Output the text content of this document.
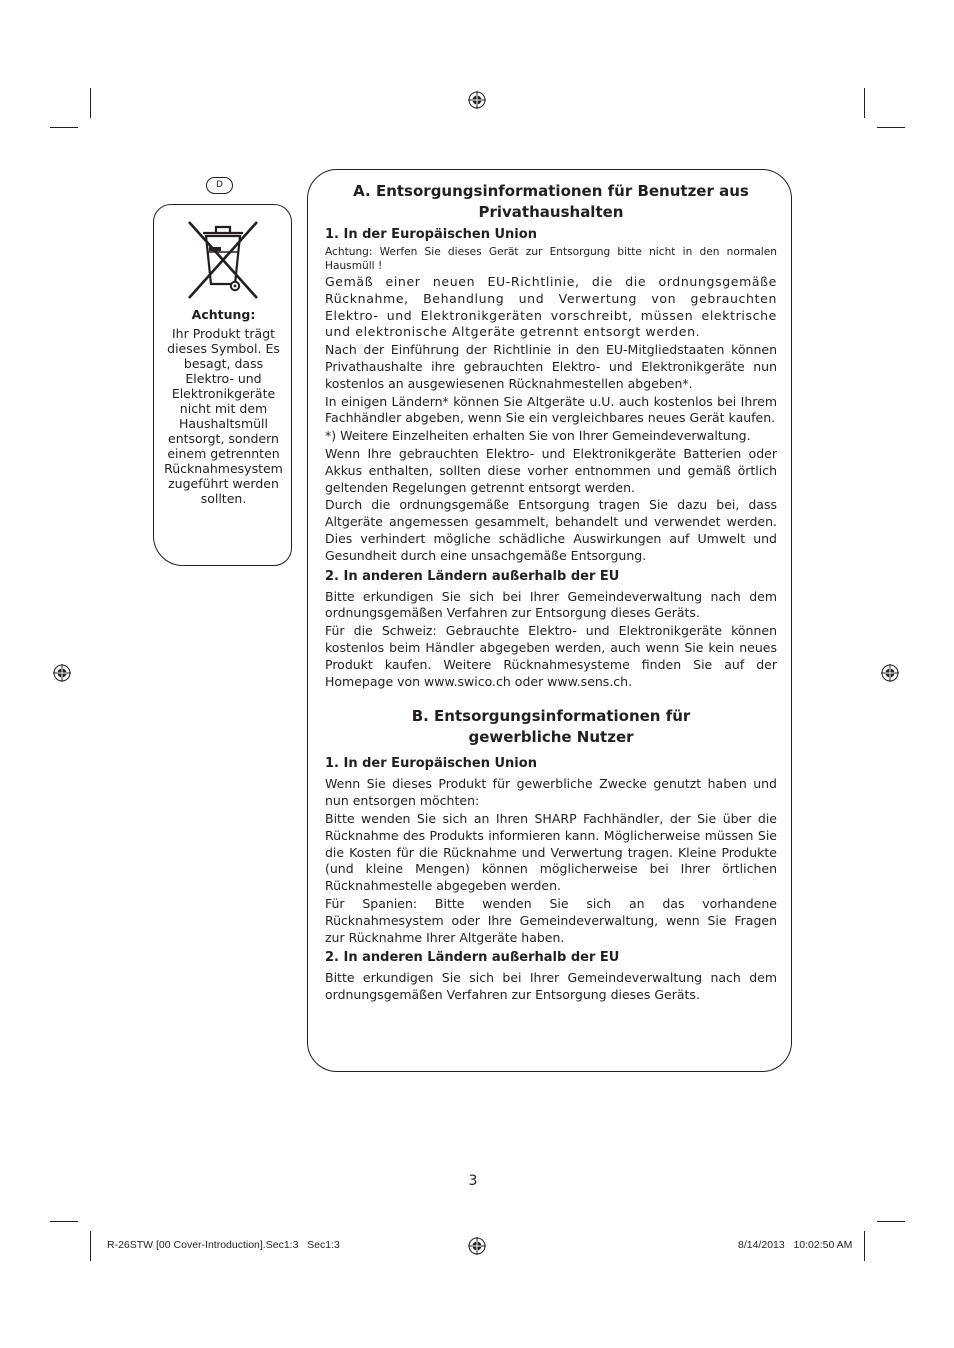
D
Achtung:
Ihr Produkt trägt dieses Symbol. Es besagt, dass Elektro- und Elektronikgeräte nicht mit dem Haushaltsmüll entsorgt, sondern einem getrennten Rücknahmesystem zugeführt werden sollten.
A. Entsorgungsinformationen für Benutzer aus Privathaushalten
1. In der Europäischen Union
Achtung: Werfen Sie dieses Gerät zur Entsorgung bitte nicht in den normalen Hausmüll !

Gemäß einer neuen EU-Richtlinie, die die ordnungsgemäße Rücknahme, Behandlung und Verwertung von gebrauchten Elektro- und Elektronikgeräten vorschreibt, müssen elektrische und elektronische Altgeräte getrennt entsorgt werden.

Nach der Einführung der Richtlinie in den EU-Mitgliedstaaten können Privathaushalte ihre gebrauchten Elektro- und Elektronikgeräte nun kostenlos an ausgewiesenen Rücknahmestellen abgeben*.

In einigen Ländern* können Sie Altgeräte u.U. auch kostenlos bei Ihrem Fachhändler abgeben, wenn Sie ein vergleichbares neues Gerät kaufen.

*) Weitere Einzelheiten erhalten Sie von Ihrer Gemeindeverwaltung.

Wenn Ihre gebrauchten Elektro- und Elektronikgeräte Batterien oder Akkus enthalten, sollten diese vorher entnommen und gemäß örtlich geltenden Regelungen getrennt entsorgt werden.

Durch die ordnungsgemäße Entsorgung tragen Sie dazu bei, dass Altgeräte angemessen gesammelt, behandelt und verwendet werden. Dies verhindert mögliche schädliche Auswirkungen auf Umwelt und Gesundheit durch eine unsachgemäße Entsorgung.

2. In anderen Ländern außerhalb der EU

Bitte erkundigen Sie sich bei Ihrer Gemeindeverwaltung nach dem ordnungsgemäßen Verfahren zur Entsorgung dieses Geräts.

Für die Schweiz: Gebrauchte Elektro- und Elektronikgeräte können kostenlos beim Händler abgegeben werden, auch wenn Sie kein neues Produkt kaufen. Weitere Rücknahmesysteme finden Sie auf der Homepage von www.swico.ch oder www.sens.ch.

B. Entsorgungsinformationen für gewerbliche Nutzer
1. In der Europäischen Union

Wenn Sie dieses Produkt für gewerbliche Zwecke genutzt haben und nun entsorgen möchten:

Bitte wenden Sie sich an Ihren SHARP Fachhändler, der Sie über die Rücknahme des Produkts informieren kann. Möglicherweise müssen Sie die Kosten für die Rücknahme und Verwertung tragen. Kleine Produkte (und kleine Mengen) können möglicherweise bei Ihrer örtlichen Rücknahmestelle abgegeben werden.

Für Spanien: Bitte wenden Sie sich an das vorhandene Rücknahmesystem oder Ihre Gemeindeverwaltung, wenn Sie Fragen zur Rücknahme Ihrer Altgeräte haben.

2. In anderen Ländern außerhalb der EU

Bitte erkundigen Sie sich bei Ihrer Gemeindeverwaltung nach dem ordnungsgemäßen Verfahren zur Entsorgung dieses Geräts.

3
R-26STW [00 Cover-Introduction].Sec1:3   Sec1:3	8/14/2013   10:02:50 AM
